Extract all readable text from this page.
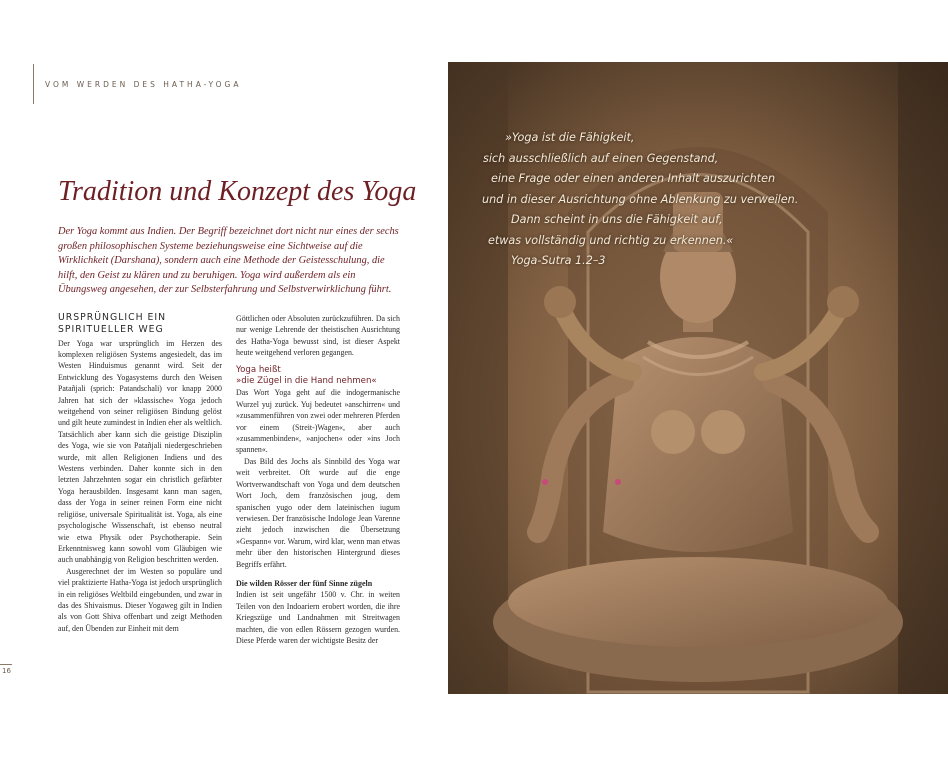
VOM WERDEN DES HATHA-YOGA
Tradition und Konzept des Yoga

Der Yoga kommt aus Indien. Der Begriff bezeichnet dort nicht nur eines der sechs großen philosophischen Systeme beziehungsweise eine Sichtweise auf die Wirklichkeit (Darshana), sondern auch eine Methode der Geistesschulung, die hilft, den Geist zu klären und zu beruhigen. Yoga wird außerdem als ein Übungsweg angesehen, der zur Selbsterfahrung und Selbstverwirklichung führt.

URSPRÜNGLICH EIN SPIRITUELLER WEG

Der Yoga war ursprünglich im Herzen des komplexen religiösen Systems angesiedelt, das im Westen Hinduismus genannt wird. Seit der Entwicklung des Yogasystems durch den Weisen Patañjali (sprich: Patandschali) vor knapp 2000 Jahren hat sich der »klassische« Yoga jedoch weitgehend von seiner religiösen Bindung gelöst und gilt heute zumindest in Indien eher als weltlich. Tatsächlich aber kann sich die geistige Disziplin des Yoga, wie sie von Patañjali niedergeschrieben wurde, mit allen Religionen Indiens und des Westens verbinden. Daher konnte sich in den letzten Jahrzehnten sogar ein christlich gefärbter Yoga herausbilden. Insgesamt kann man sagen, dass der Yoga in seiner reinen Form eine nicht religiöse, universale Spiritualität ist. Yoga, als eine psychologische Wissenschaft, ist ebenso neutral wie etwa Physik oder Psychotherapie. Sein Erkenntnisweg kann sowohl vom Gläubigen wie auch unabhängig von Religion beschritten werden.

Ausgerechnet der im Westen so populäre und viel praktizierte Hatha-Yoga ist jedoch ursprünglich in ein religiöses Weltbild eingebunden, und zwar in das des Shivaismus. Dieser Yogaweg gilt in Indien als von Gott Shiva offenbart und zeigt Methoden auf, den Übenden zur Einheit mit dem

Göttlichen oder Absoluten zurückzuführen. Da sich nur wenige Lehrende der theistischen Ausrichtung des Hatha-Yoga bewusst sind, ist dieser Aspekt heute weitgehend verloren gegangen.

Yoga heißt
»die Zügel in die Hand nehmen«

Das Wort Yoga geht auf die indogermanische Wurzel yuj zurück. Yuj bedeutet »anschirren« und »zusammenführen von zwei oder mehreren Pferden vor einem (Streit-)Wagen«, aber auch »zusammenbinden«, »anjochen« oder »ins Joch spannen«.

Das Bild des Jochs als Sinnbild des Yoga war weit verbreitet. Oft wurde auf die enge Wortverwandtschaft von Yoga und dem deutschen Wort Joch, dem französischen joug, dem spanischen yugo oder dem lateinischen iugum verwiesen. Der französische Indologe Jean Varenne zieht jedoch inzwischen die Übersetzung »Gespann« vor. Warum, wird klar, wenn man etwas mehr über den historischen Hintergrund dieses Begriffs erfährt.

Die wilden Rösser der fünf Sinne zügeln

Indien ist seit ungefähr 1500 v. Chr. in weiten Teilen von den Indoariern erobert worden, die ihre Kriegszüge und Landnahmen mit Streitwagen machten, die von edlen Rössern gezogen wurden. Diese Pferde waren der wichtigste Besitz der

16

»Yoga ist die Fähigkeit,
sich ausschließlich auf einen Gegenstand,
eine Frage oder einen anderen Inhalt auszurichten
und in dieser Ausrichtung ohne Ablenkung zu verweilen.
Dann scheint in uns die Fähigkeit auf,
etwas vollständig und richtig zu erkennen.«
Yoga-Sutra 1.2–3
